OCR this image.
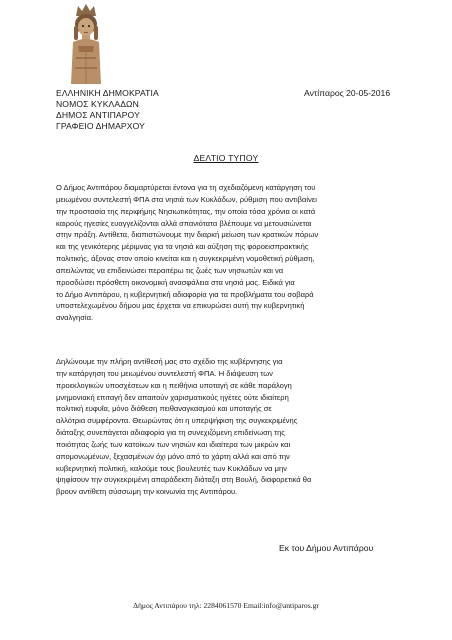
ΕΛΛΗΝΙΚΗ ΔΗΜΟΚΡΑΤΙΑ
ΝΟΜΟΣ ΚΥΚΛΑΔΩΝ
ΔΗΜΟΣ ΑΝΤΙΠΑΡΟΥ
ΓΡΑΦΕΙΟ ΔΗΜΑΡΧΟΥ
Αντίπαρος 20-05-2016
ΔΕΛΤΙΟ ΤΥΠΟΥ
Ο Δήμος Αντιπάρου διαμαρτύρεται έντονα για τη σχεδιαζόμενη κατάργηση του
μειωμένου συντελεστή ΦΠΑ στα νησιά των Κυκλάδων, ρύθμιση που αντιβαίνει
την προστασία της περιφήμης Νησιωτικότητας, την οποία τόσα χρόνια οι κατά
καιρούς ηγεσίες ευαγγελίζονται αλλά σπανιότατα βλέπουμε να μετουσιώνεται
στην πράξη. Αντίθετα, διαπιστώνουμε την διαρκή μείωση των κρατικών πόρων
και της γενικότερης μέριμνας για τα νησιά και αύξηση της φοροεισπρακτικής
πολιτικής, άξονας στον οποίο κινείται και η συγκεκριμένη νομοθετική ρύθμιση,
απειλώντας να επιδεινώσει περαιτέρω τις ζωές των νησιωτών και να
προσδώσει πρόσθετη οικονομική ανασφάλεια στα νησιά μας. Ειδικά για
το Δήμο Αντιπάρου, η κυβερνητική αδιαφορία για τα προβλήματα του σοβαρά
υποστελεχωμένου δήμου μας έρχεται να επικυρώσει αυτή την κυβερνητική
αναλγησία.
Δηλώνουμε την πλήρη αντίθεσή μας στο σχέδιο της κυβέρνησης για
την κατάργηση του μειωμένου συντελεστή ΦΠΑ. Η διάψευση των
προεκλογικών υποσχέσεων και η πειθήνια υποταγή σε κάθε παράλογη
μνημονιακή επιταγή δεν απαιτούν χαρισματικούς ηγέτες ούτε ιδιαίτερη
πολιτική ευφυΐα, μόνο διάθεση πειθαναγκασμού και υποταγής σε
αλλότρια συμφέροντα. Θεωρώντας ότι η υπερψήφιση της συγκεκριμένης
διάταξης συνεπάγεται αδιαφορία για τη συνεχιζόμενη επιδείνωση της
ποιότητας ζωής των κατοίκων των νησιών και ιδιαίτερα των μικρών και
απομονωμένων, ξεχασμένων όχι μόνο από το χάρτη αλλά και από την
κυβερνητική πολιτική, καλούμε τους βουλευτές των Κυκλάδων να μην
ψηφίσουν την συγκεκριμένη απαράδεκτη διάταξη στη Βουλή, διαφορετικά θα
βρουν αντίθετη σύσσωμη την κοινωνία της Αντιπάρου.
Εκ του Δήμου Αντιπάρου
Δήμος Αντιπάρου τηλ: 2284061570 Email:info@antiparos.gr
